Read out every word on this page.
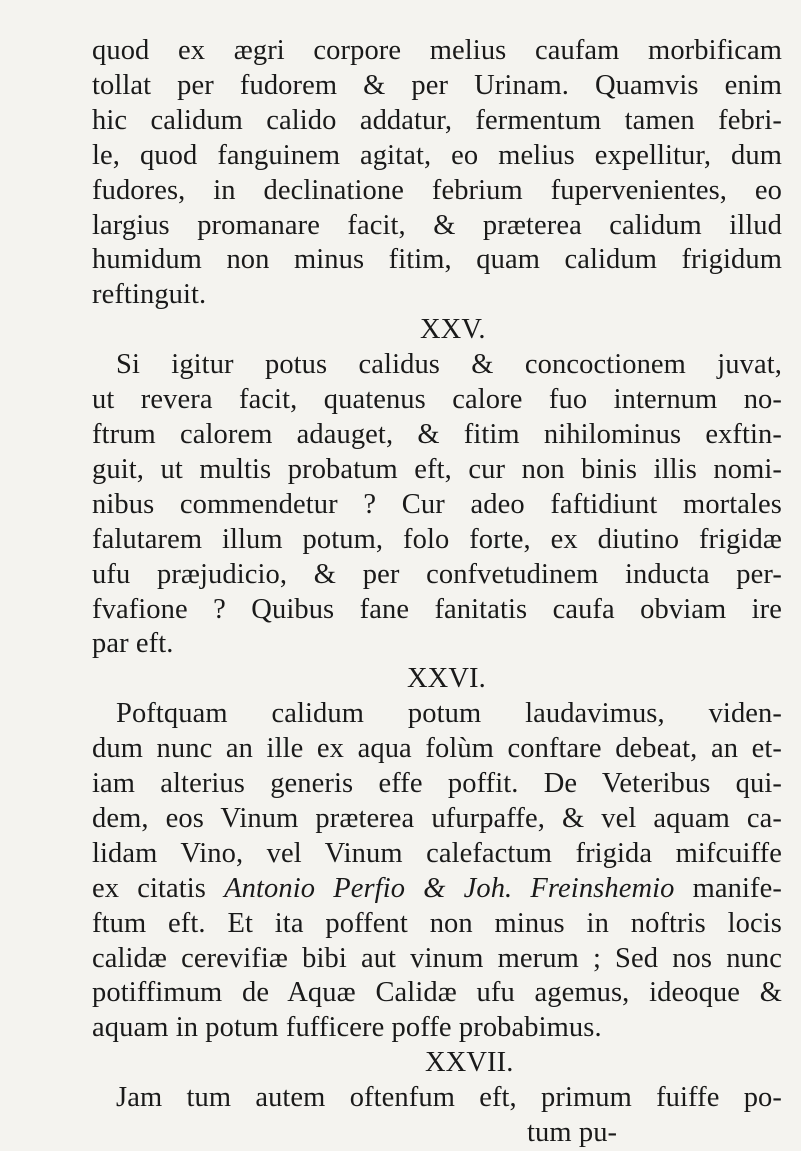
quod ex ægri corpore melius caufam morbificam
tollat per fudorem & per Urinam. Quamvis enim
hic calidum calido addatur, fermentum tamen febri-
le, quod fanguinem agitat, eo melius expellitur, dum
fudores, in declinatione febrium fupervenientes, eo
largius promanare facit, & præterea calidum illud
humidum non minus fitim, quam calidum frigidum
reftinguit.
XXV.
Si igitur potus calidus & concoctionem juvat,
ut revera facit, quatenus calore fuo internum no-
ftrum calorem adauget, & fitim nihilominus exftin-
guit, ut multis probatum eft, cur non binis illis nomi-
nibus commendetur ? Cur adeo faftidiunt mortales
falutarem illum potum, folo forte, ex diutino frigidæ
ufu præjudicio, & per confvetudinem inducta per-
fvafione ? Quibus fane fanitatis caufa obviam ire
par eft.
XXVI.
Poftquam calidum potum laudavimus, viden-
dum nunc an ille ex aqua folùm conftare debeat, an et-
iam alterius generis effe poffit. De Veteribus qui-
dem, eos Vinum præterea ufurpaffe, & vel aquam ca-
lidam Vino, vel Vinum calefactum frigida mifcuiffe
ex citatis Antonio Perfio & Joh. Freinshemio manife-
ftum eft. Et ita poffent non minus in noftris locis
calidæ cerevifiæ bibi aut vinum merum ; Sed nos nunc
potiffimum de Aquæ Calidæ ufu agemus, ideoque &
aquam in potum fufficere poffe probabimus.
XXVII.
Jam tum autem oftenfum eft, primum fuiffe po-
tum pu-
